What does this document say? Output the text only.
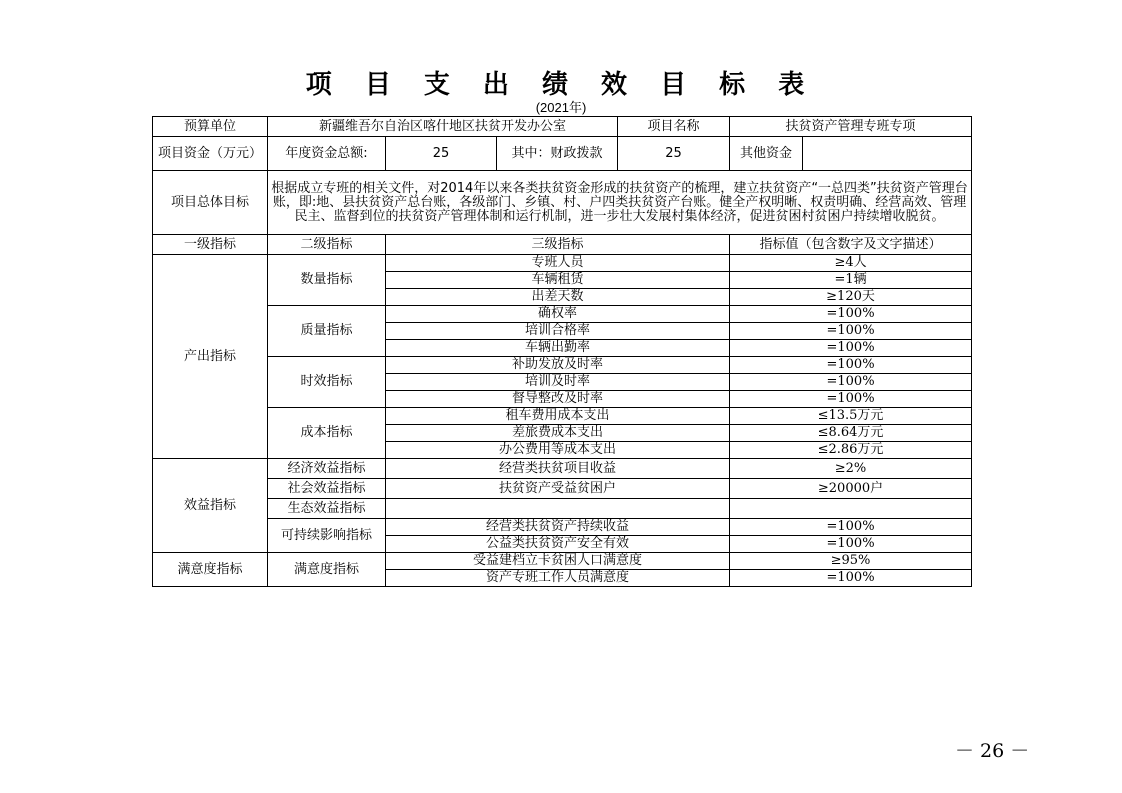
项 目 支 出 绩 效 目 标 表
(2021年)
预算单位	新疆维吾尔自治区喀什地区扶贫开发办公室			项目名称	扶贫资产管理专班专项	
项目资金（万元）	年度资金总额:	25	其中：财政拨款	25	其他资金	
项目总体目标	根据成立专班的相关文件，对2014年以来各类扶贫资金形成的扶贫资产的梳理，建立扶贫资产“一总四类”扶贫资产管理台账，即:地、县扶贫资产总台账，各级部门、乡镇、村、户四类扶贫资产台账。健全产权明晰、权责明确、经营高效、管理民主、监督到位的扶贫资产管理体制和运行机制，进一步壮大发展村集体经济，促进贫困村贫困户持续增收脱贫。					
一级指标	二级指标	三级指标			指标值（包含数字及文字描述）	
产出指标	数量指标	专班人员			≥4人	
		车辆租赁			=1辆	
		出差天数			≥120天	
	质量指标	确权率			=100%	
		培训合格率			=100%	
		车辆出勤率			=100%	
	时效指标	补助发放及时率			=100%	
		培训及时率			=100%	
		督导整改及时率			=100%	
	成本指标	租车费用成本支出			≤13.5万元	
		差旅费成本支出			≤8.64万元	
		办公费用等成本支出			≤2.86万元	
效益指标	经济效益指标	经营类扶贫项目收益			≥2%	
	社会效益指标	扶贫资产受益贫困户			≥20000户	
	生态效益指标					
	可持续影响指标	经营类扶贫资产持续收益			=100%	
		公益类扶贫资产安全有效			=100%	
满意度指标	满意度指标	受益建档立卡贫困人口满意度			≥95%	
		资产专班工作人员满意度			=100%	
－ 26 －
